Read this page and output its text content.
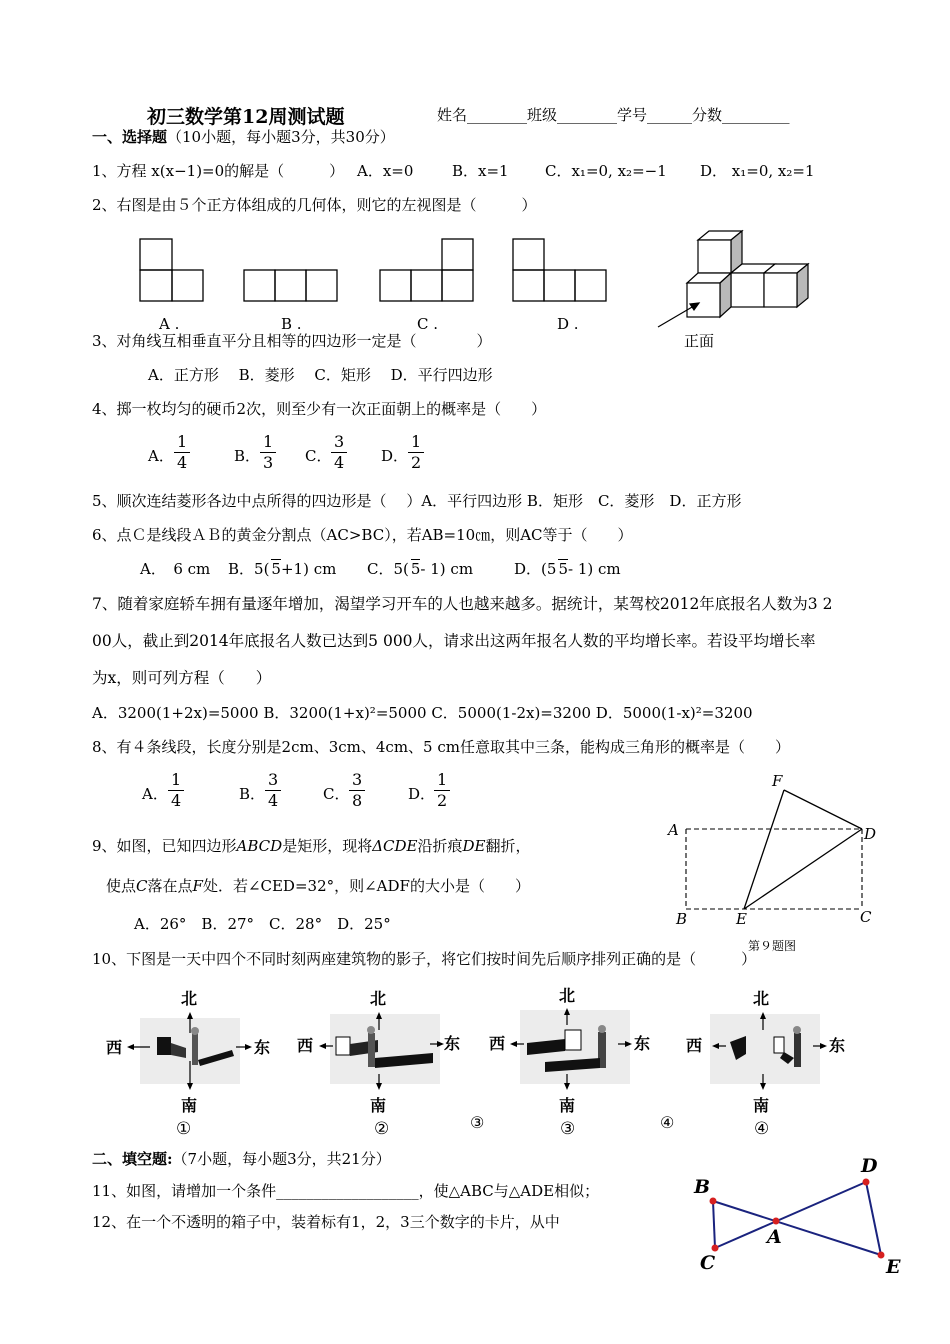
初三数学第12周测试题	姓名________班级________学号______分数_________
一、选择题（10小题，每小题3分，共30分）
1、方程 x(x−1)=0的解是（　　　） A．x=0	B．x=1 C．x₁=0, x₂=−1 D． x₁=0, x₂=1
2、右图是由５个正方体组成的几何体，则它的左视图是（　　　）
A .	B .	C .	D .
正面
3、对角线互相垂直平分且相等的四边形一定是（　　　　）
A．正方形　 B．菱形　 C．矩形　 D．平行四边形
4、掷一枚均匀的硬币2次，则至少有一次正面朝上的概率是（　　）
A． $\frac{1}{4}$	B． $\frac{1}{3}$ C． $\frac{3}{4}$ D． $\frac{1}{2}$
5、顺次连结菱形各边中点所得的四边形是（　 ）A．平行四边形 B．矩形　C．菱形　D．正方形
6、点Ｃ是线段ＡＢ的黄金分割点（AC>BC），若AB=10㎝，则AC等于（　　）
A．　6 cm B．5( 5+1) cm C．5( 5- 1) cm	D．(5 5- 1) cm
7、随着家庭轿车拥有量逐年增加，渴望学习开车的人也越来越多。据统计，某驾校2012年底报名人数为3 2
00人，截止到2014年底报名人数已达到5 000人，请求出这两年报名人数的平均增长率。若设平均增长率
为x，则可列方程（　　）
A．3200(1+2x)=5000 B．3200(1+x)²=5000 C．5000(1-2x)=3200 D．5000(1-x)²=3200
8、有４条线段，长度分别是2cm、3cm、4cm、5 cm任意取其中三条，能构成三角形的概率是（　　）
A． $\frac{1}{4}$	B． $\frac{3}{4}$	C． $\frac{3}{8}$	D．
$\frac{1}{2}$
9、如图，已知四边形ABCD是矩形，现将ΔCDE沿折痕DE翻折，
使点C落在点F处．若∠CED=32°，则∠ADF的大小是（　　）
A．26°　B．27°　C．28°　D．25°
F
A	D
B	E	C
第９题图
10、下图是一天中四个不同时刻两座建筑物的影子，将它们按时间先后顺序排列正确的是（　　　）
北
西	东
南
①
北
西	东
南
②
北
西	东
南
③
北
西	东
南
④
③	④
二、填空题:（7小题，每小题3分，共21分）
11、如图，请增加一个条件___________________，使△ABC与△ADE相似；	B
D
A
C	E
12、在一个不透明的箱子中，装着标有1，2，3三个数字的卡片，从中
